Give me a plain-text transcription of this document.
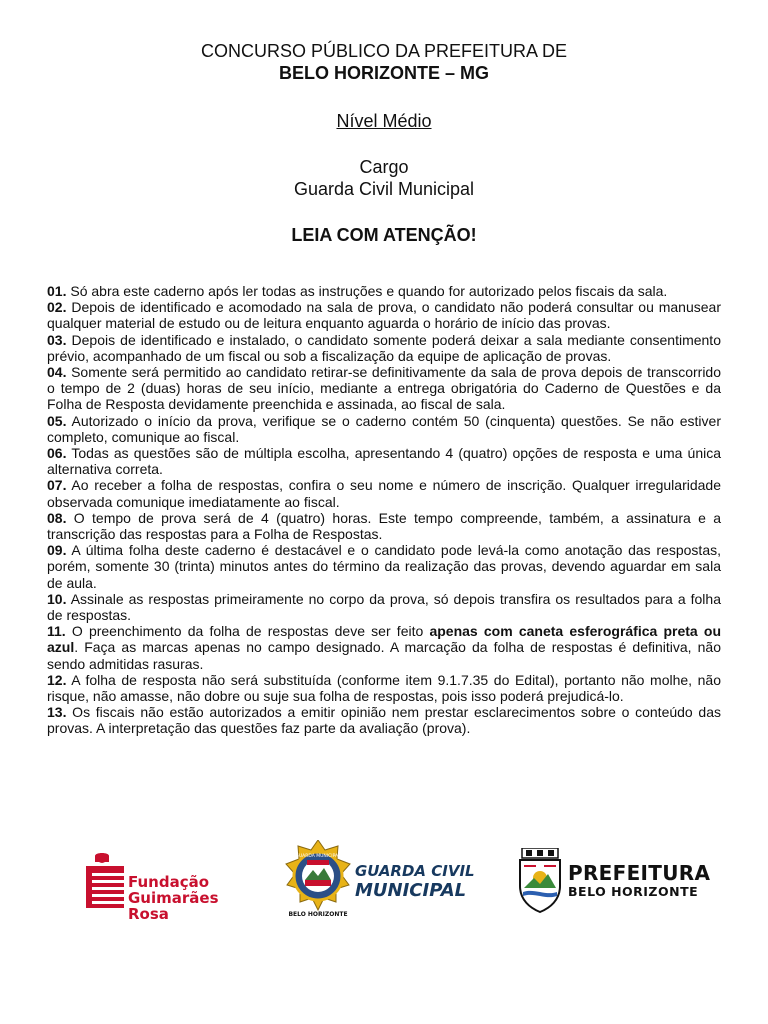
CONCURSO PÚBLICO DA PREFEITURA DE
BELO HORIZONTE – MG
Nível Médio
Cargo
Guarda Civil Municipal
LEIA COM ATENÇÃO!

01. Só abra este caderno após ler todas as instruções e quando for autorizado pelos fiscais da sala.

02. Depois de identificado e acomodado na sala de prova, o candidato não poderá consultar ou manusear qualquer material de estudo ou de leitura enquanto aguarda o horário de início das provas.

03. Depois de identificado e instalado, o candidato somente poderá deixar a sala mediante consentimento prévio, acompanhado de um fiscal ou sob a fiscalização da equipe de aplicação de provas.

04. Somente será permitido ao candidato retirar-se definitivamente da sala de prova depois de transcorrido o tempo de 2 (duas) horas de seu início, mediante a entrega obrigatória do Caderno de Questões e da Folha de Resposta devidamente preenchida e assinada, ao fiscal de sala.

05. Autorizado o início da prova, verifique se o caderno contém 50 (cinquenta) questões. Se não estiver completo, comunique ao fiscal.

06. Todas as questões são de múltipla escolha, apresentando 4 (quatro) opções de resposta e uma única alternativa correta.

07. Ao receber a folha de respostas, confira o seu nome e número de inscrição. Qualquer irregularidade observada comunique imediatamente ao fiscal.

08. O tempo de prova será de 4 (quatro) horas. Este tempo compreende, também, a assinatura e a transcrição das respostas para a Folha de Respostas.

09. A última folha deste caderno é destacável e o candidato pode levá-la como anotação das respostas, porém, somente 30 (trinta) minutos antes do término da realização das provas, devendo aguardar em sala de aula.

10. Assinale as respostas primeiramente no corpo da prova, só depois transfira os resultados para a folha de respostas.

11. O preenchimento da folha de respostas deve ser feito apenas com caneta esferográfica preta ou azul. Faça as marcas apenas no campo designado. A marcação da folha de respostas é definitiva, não sendo admitidas rasuras.

12. A folha de resposta não será substituída (conforme item 9.1.7.35 do Edital), portanto não molhe, não risque, não amasse, não dobre ou suje sua folha de respostas, pois isso poderá prejudicá-lo.

13. Os fiscais não estão autorizados a emitir opinião nem prestar esclarecimentos sobre o conteúdo das provas. A interpretação das questões faz parte da avaliação (prova).

Fundação
Guimarães Rosa	BELO HORIZONTE
GUARDA MUNICIPAL
GUARDA CIVIL
MUNICIPAL
PREFEITURA
BELO HORIZONTE
